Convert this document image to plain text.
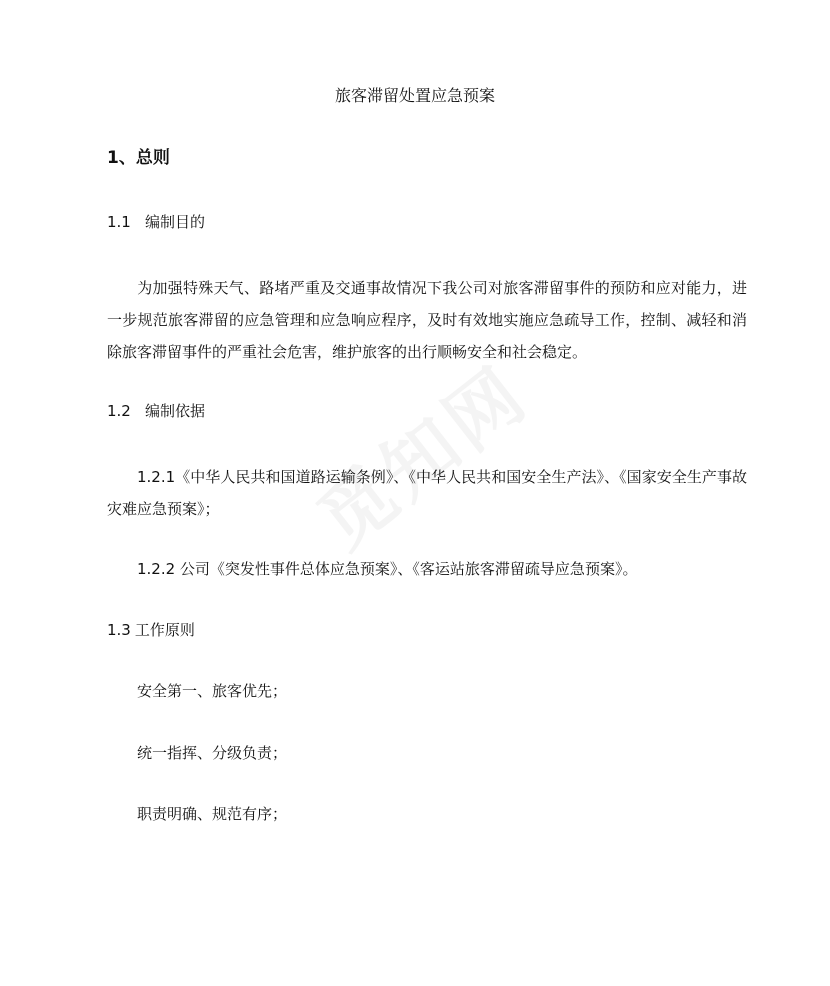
旅客滞留处置应急预案
1、总则
1.1 编制目的
为加强特殊天气、路堵严重及交通事故情况下我公司对旅客滞留事件的预防和应对能力，进一步规范旅客滞留的应急管理和应急响应程序，及时有效地实施应急疏导工作，控制、减轻和消除旅客滞留事件的严重社会危害，维护旅客的出行顺畅安全和社会稳定。
1.2 编制依据
1.2.1《中华人民共和国道路运输条例》、《中华人民共和国安全生产法》、《国家安全生产事故灾难应急预案》；
1.2.2 公司《突发性事件总体应急预案》、《客运站旅客滞留疏导应急预案》。
1.3 工作原则
安全第一、旅客优先；
统一指挥、分级负责；
职责明确、规范有序；
